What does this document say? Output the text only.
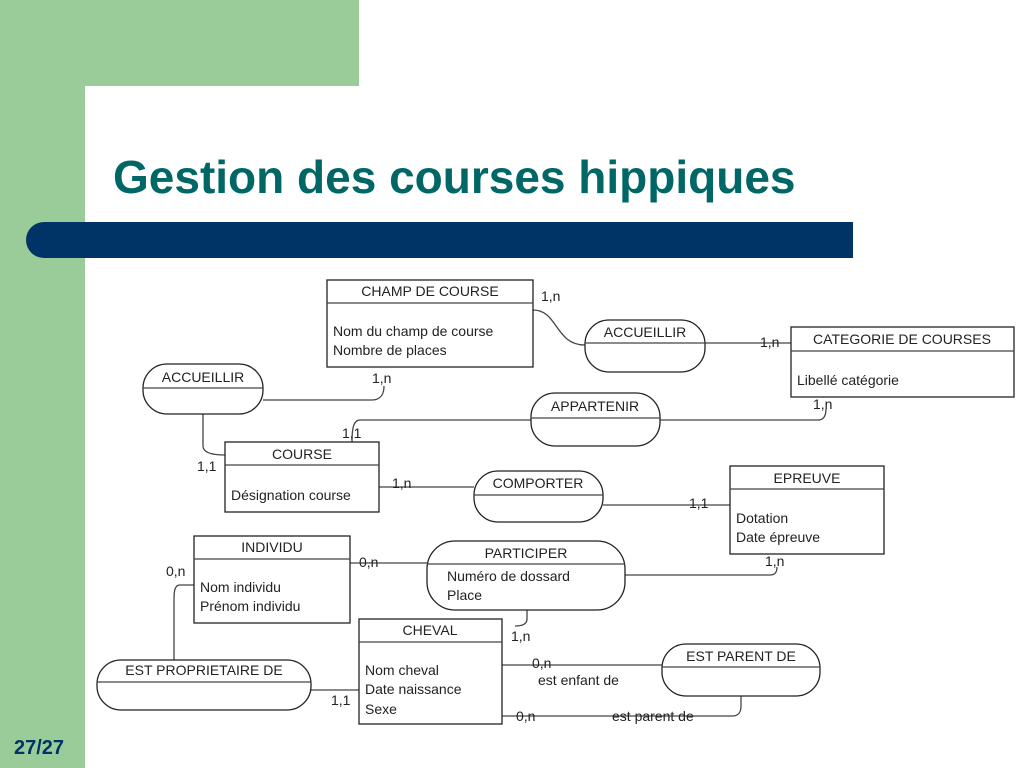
Gestion des courses hippiques
CHAMP DE COURSE
Nom du champ de course
Nombre de places
CATEGORIE DE COURSES
Libellé catégorie
COURSE
Désignation course
EPREUVE
Dotation
Date épreuve
INDIVIDU
Nom individu
Prénom individu
CHEVAL
Nom cheval
Date naissance
Sexe
ACCUEILLIR
ACCUEILLIR
APPARTENIR
COMPORTER
PARTICIPER
Numéro de dossard
Place
EST PROPRIETAIRE DE
EST PARENT DE
1,n
1,n
1,n
1,1
1,n
1,1
1,n
1,1
1,n
0,n
0,n
1,n
1,1
0,n
0,n
est enfant de
est parent de
27/27
